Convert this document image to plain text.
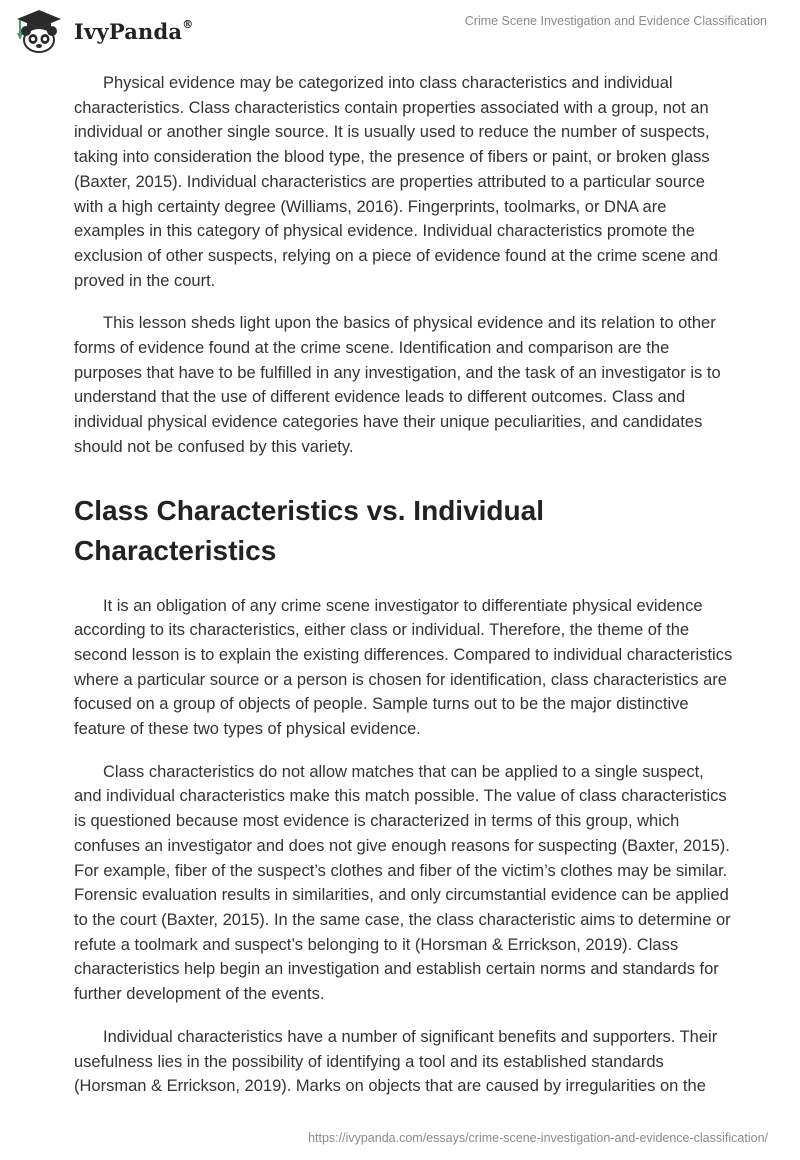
IvyPanda®	Crime Scene Investigation and Evidence Classification

Physical evidence may be categorized into class characteristics and individual characteristics. Class characteristics contain properties associated with a group, not an individual or another single source. It is usually used to reduce the number of suspects, taking into consideration the blood type, the presence of fibers or paint, or broken glass (Baxter, 2015). Individual characteristics are properties attributed to a particular source with a high certainty degree (Williams, 2016). Fingerprints, toolmarks, or DNA are examples in this category of physical evidence. Individual characteristics promote the exclusion of other suspects, relying on a piece of evidence found at the crime scene and proved in the court.

This lesson sheds light upon the basics of physical evidence and its relation to other forms of evidence found at the crime scene. Identification and comparison are the purposes that have to be fulfilled in any investigation, and the task of an investigator is to understand that the use of different evidence leads to different outcomes. Class and individual physical evidence categories have their unique peculiarities, and candidates should not be confused by this variety.

Class Characteristics vs. Individual Characteristics

It is an obligation of any crime scene investigator to differentiate physical evidence according to its characteristics, either class or individual. Therefore, the theme of the second lesson is to explain the existing differences. Compared to individual characteristics where a particular source or a person is chosen for identification, class characteristics are focused on a group of objects of people. Sample turns out to be the major distinctive feature of these two types of physical evidence.

Class characteristics do not allow matches that can be applied to a single suspect, and individual characteristics make this match possible. The value of class characteristics is questioned because most evidence is characterized in terms of this group, which confuses an investigator and does not give enough reasons for suspecting (Baxter, 2015). For example, fiber of the suspect’s clothes and fiber of the victim’s clothes may be similar. Forensic evaluation results in similarities, and only circumstantial evidence can be applied to the court (Baxter, 2015). In the same case, the class characteristic aims to determine or refute a toolmark and suspect’s belonging to it (Horsman & Errickson, 2019). Class characteristics help begin an investigation and establish certain norms and standards for further development of the events.

Individual characteristics have a number of significant benefits and supporters. Their usefulness lies in the possibility of identifying a tool and its established standards (Horsman & Errickson, 2019). Marks on objects that are caused by irregularities on the

https://ivypanda.com/essays/crime-scene-investigation-and-evidence-classification/
